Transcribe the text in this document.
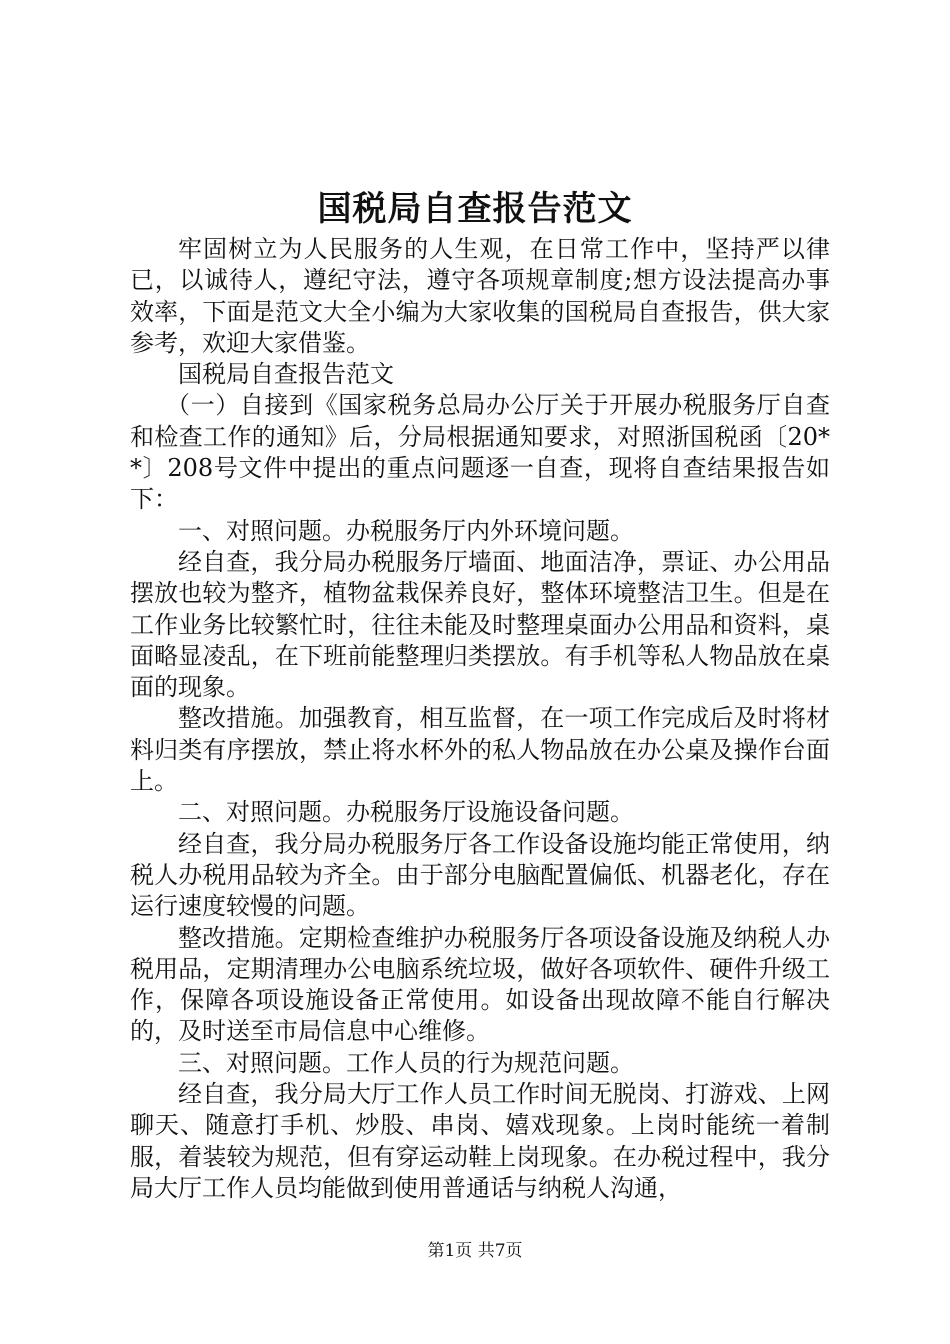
国税局自查报告范文

牢固树立为人民服务的人生观，在日常工作中，坚持严以律已，以诚待人，遵纪守法，遵守各项规章制度;想方设法提高办事效率，下面是范文大全小编为大家收集的国税局自查报告，供大家参考，欢迎大家借鉴。

国税局自查报告范文

（一）自接到《国家税务总局办公厅关于开展办税服务厅自查和检查工作的通知》后，分局根据通知要求，对照浙国税函〔20**〕208号文件中提出的重点问题逐一自查，现将自查结果报告如下：

一、对照问题。办税服务厅内外环境问题。

经自查，我分局办税服务厅墙面、地面洁净，票证、办公用品摆放也较为整齐，植物盆栽保养良好，整体环境整洁卫生。但是在工作业务比较繁忙时，往往未能及时整理桌面办公用品和资料，桌面略显凌乱，在下班前能整理归类摆放。有手机等私人物品放在桌面的现象。

整改措施。加强教育，相互监督，在一项工作完成后及时将材料归类有序摆放，禁止将水杯外的私人物品放在办公桌及操作台面上。

二、对照问题。办税服务厅设施设备问题。

经自查，我分局办税服务厅各工作设备设施均能正常使用，纳税人办税用品较为齐全。由于部分电脑配置偏低、机器老化，存在运行速度较慢的问题。

整改措施。定期检查维护办税服务厅各项设备设施及纳税人办税用品，定期清理办公电脑系统垃圾，做好各项软件、硬件升级工作，保障各项设施设备正常使用。如设备出现故障不能自行解决的，及时送至市局信息中心维修。

三、对照问题。工作人员的行为规范问题。

经自查，我分局大厅工作人员工作时间无脱岗、打游戏、上网聊天、随意打手机、炒股、串岗、嬉戏现象。上岗时能统一着制服，着装较为规范，但有穿运动鞋上岗现象。在办税过程中，我分局大厅工作人员均能做到使用普通话与纳税人沟通，

第1页 共7页
